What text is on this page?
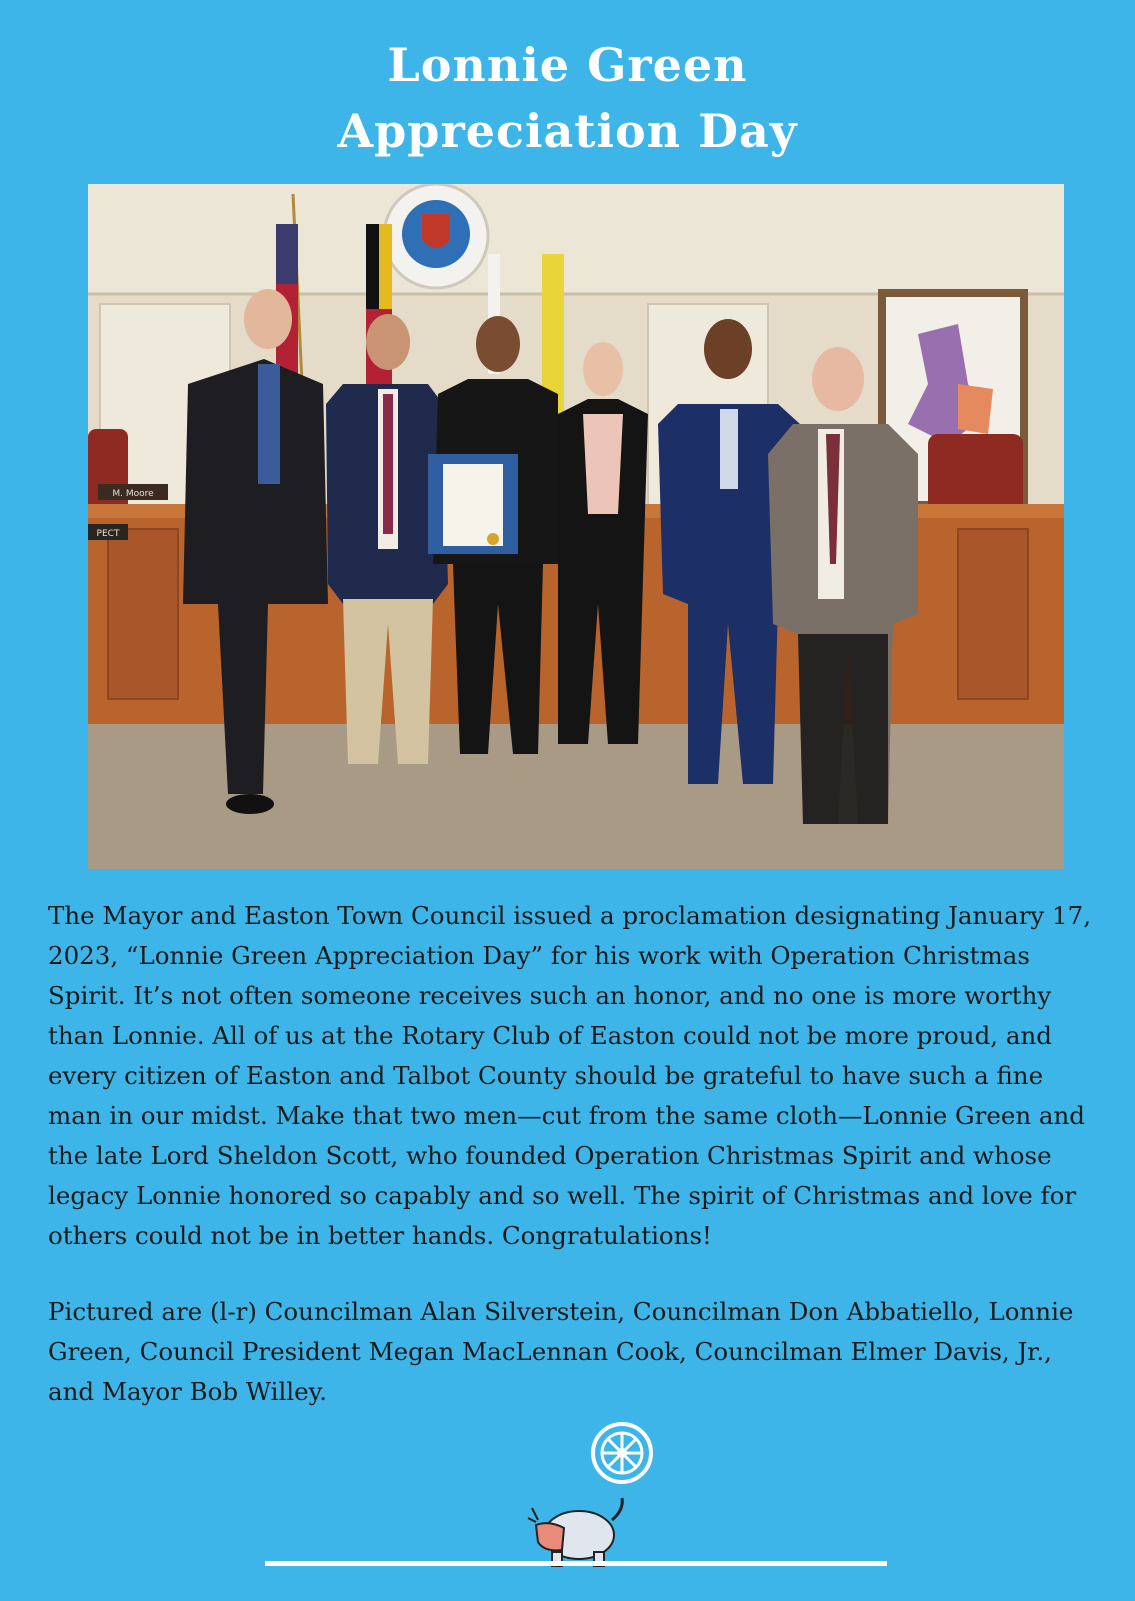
Lonnie Green
Appreciation Day
M. Moore
PECT
The Mayor and Easton Town Council issued a proclamation designating January 17, 2023, “Lonnie Green Appreciation Day” for his work with Operation Christmas Spirit. It’s not often someone receives such an honor, and no one is more worthy than Lonnie. All of us at the Rotary Club of Easton could not be more proud, and every citizen of Easton and Talbot County should be grateful to have such a fine man in our midst. Make that two men—cut from the same cloth—Lonnie Green and the late Lord Sheldon Scott, who founded Operation Christmas Spirit and whose legacy Lonnie honored so capably and so well. The spirit of Christmas and love for others could not be in better hands. Congratulations!
Pictured are (l-r) Councilman Alan Silverstein, Councilman Don Abbatiello, Lonnie Green, Council President Megan MacLennan Cook, Councilman Elmer Davis, Jr., and Mayor Bob Willey.
